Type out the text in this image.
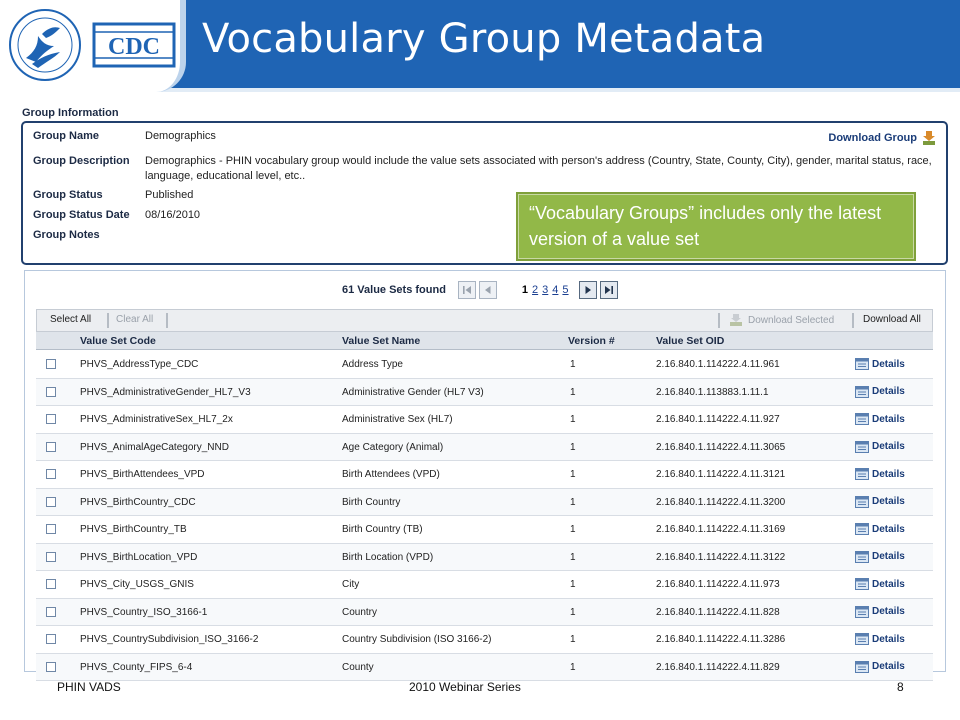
CDC Vocabulary Group Metadata
Group Information
Group Name	Demographics
Group Description	Demographics - PHIN vocabulary group would include the value sets associated with person's address (Country, State, County, City), gender, marital status, race, language, educational level, etc..
Group Status	Published
Group Status Date	08/16/2010
Group Notes
Download Group
“Vocabulary Groups” includes only the latest version of a value set
61 Value Sets found	1 2 3 4 5
Select All Clear All	Download Selected	Download All
Value Set Code	Value Set Name	Version #	Value Set OID
PHVS_AddressType_CDC	Address Type	1	2.16.840.1.114222.4.11.961	Details
PHVS_AdministrativeGender_HL7_V3	Administrative Gender (HL7 V3)	1	2.16.840.1.113883.1.11.1	Details
PHVS_AdministrativeSex_HL7_2x	Administrative Sex (HL7)	1	2.16.840.1.114222.4.11.927	Details
PHVS_AnimalAgeCategory_NND	Age Category (Animal)	1	2.16.840.1.114222.4.11.3065	Details
PHVS_BirthAttendees_VPD	Birth Attendees (VPD)	1	2.16.840.1.114222.4.11.3121	Details
PHVS_BirthCountry_CDC	Birth Country	1	2.16.840.1.114222.4.11.3200	Details
PHVS_BirthCountry_TB	Birth Country (TB)	1	2.16.840.1.114222.4.11.3169	Details
PHVS_BirthLocation_VPD	Birth Location (VPD)	1	2.16.840.1.114222.4.11.3122	Details
PHVS_City_USGS_GNIS	City	1	2.16.840.1.114222.4.11.973	Details
PHVS_Country_ISO_3166-1	Country	1	2.16.840.1.114222.4.11.828	Details
PHVS_CountrySubdivision_ISO_3166-2	Country Subdivision (ISO 3166-2)	1	2.16.840.1.114222.4.11.3286	Details
PHVS_County_FIPS_6-4	County	1	2.16.840.1.114222.4.11.829	Details
PHIN VADS	2010 Webinar Series	8
